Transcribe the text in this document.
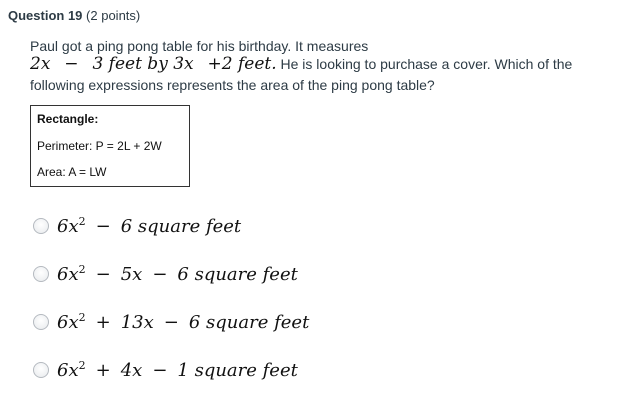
Question 19 (2 points)
Paul got a ping pong table for his birthday. It measures
2x − 3 feet by 3x +2 feet. He is looking to purchase a cover. Which of the
following expressions represents the area of the ping pong table?
Rectangle:
Perimeter: P = 2L + 2W
Area: A = LW
$6x^2 - 6$ square feet
$6x^2 - 5x - 6$ square feet
$6x^2 + 13x - 6$ square feet
$6x^2 + 4x - 1$ square feet
